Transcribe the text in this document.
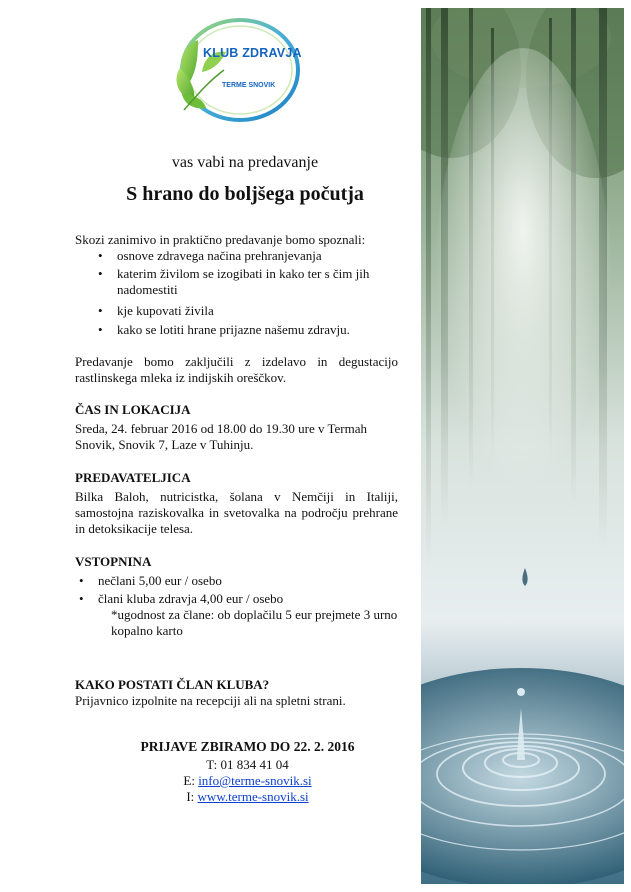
KLUB ZDRAVJA
TERME SNOVIK
vas vabi na predavanje
S hrano do boljšega počutja

Skozi zanimivo in praktično predavanje bomo spoznali:

• osnove zdravega načina prehranjevanja
• katerim živilom se izogibati in kako ter s čim jih nadomestiti
• kje kupovati živila
• kako se lotiti hrane prijazne našemu zdravju.

Predavanje bomo zaključili z izdelavo in degustacijo rastlinskega mleka iz indijskih oreščkov.

ČAS IN LOKACIJA

Sreda, 24. februar 2016 od 18.00 do 19.30 ure v Termah Snovik, Snovik 7, Laze v Tuhinju.

PREDAVATELJICA

Bilka Baloh, nutricistka, šolana v Nemčiji in Italiji, samostojna raziskovalka in svetovalka na področju prehrane in detoksikacije telesa.

VSTOPNINA

• nečlani 5,00 eur / osebo
• člani kluba zdravja 4,00 eur / osebo

*ugodnost za člane: ob doplačilu 5 eur prejmete 3 urno kopalno karto

KAKO POSTATI ČLAN KLUBA?

Prijavnico izpolnite na recepciji ali na spletni strani.

PRIJAVE ZBIRAMO DO 22. 2. 2016

T: 01 834 41 04

E: info@terme-snovik.si

I: www.terme-snovik.si
